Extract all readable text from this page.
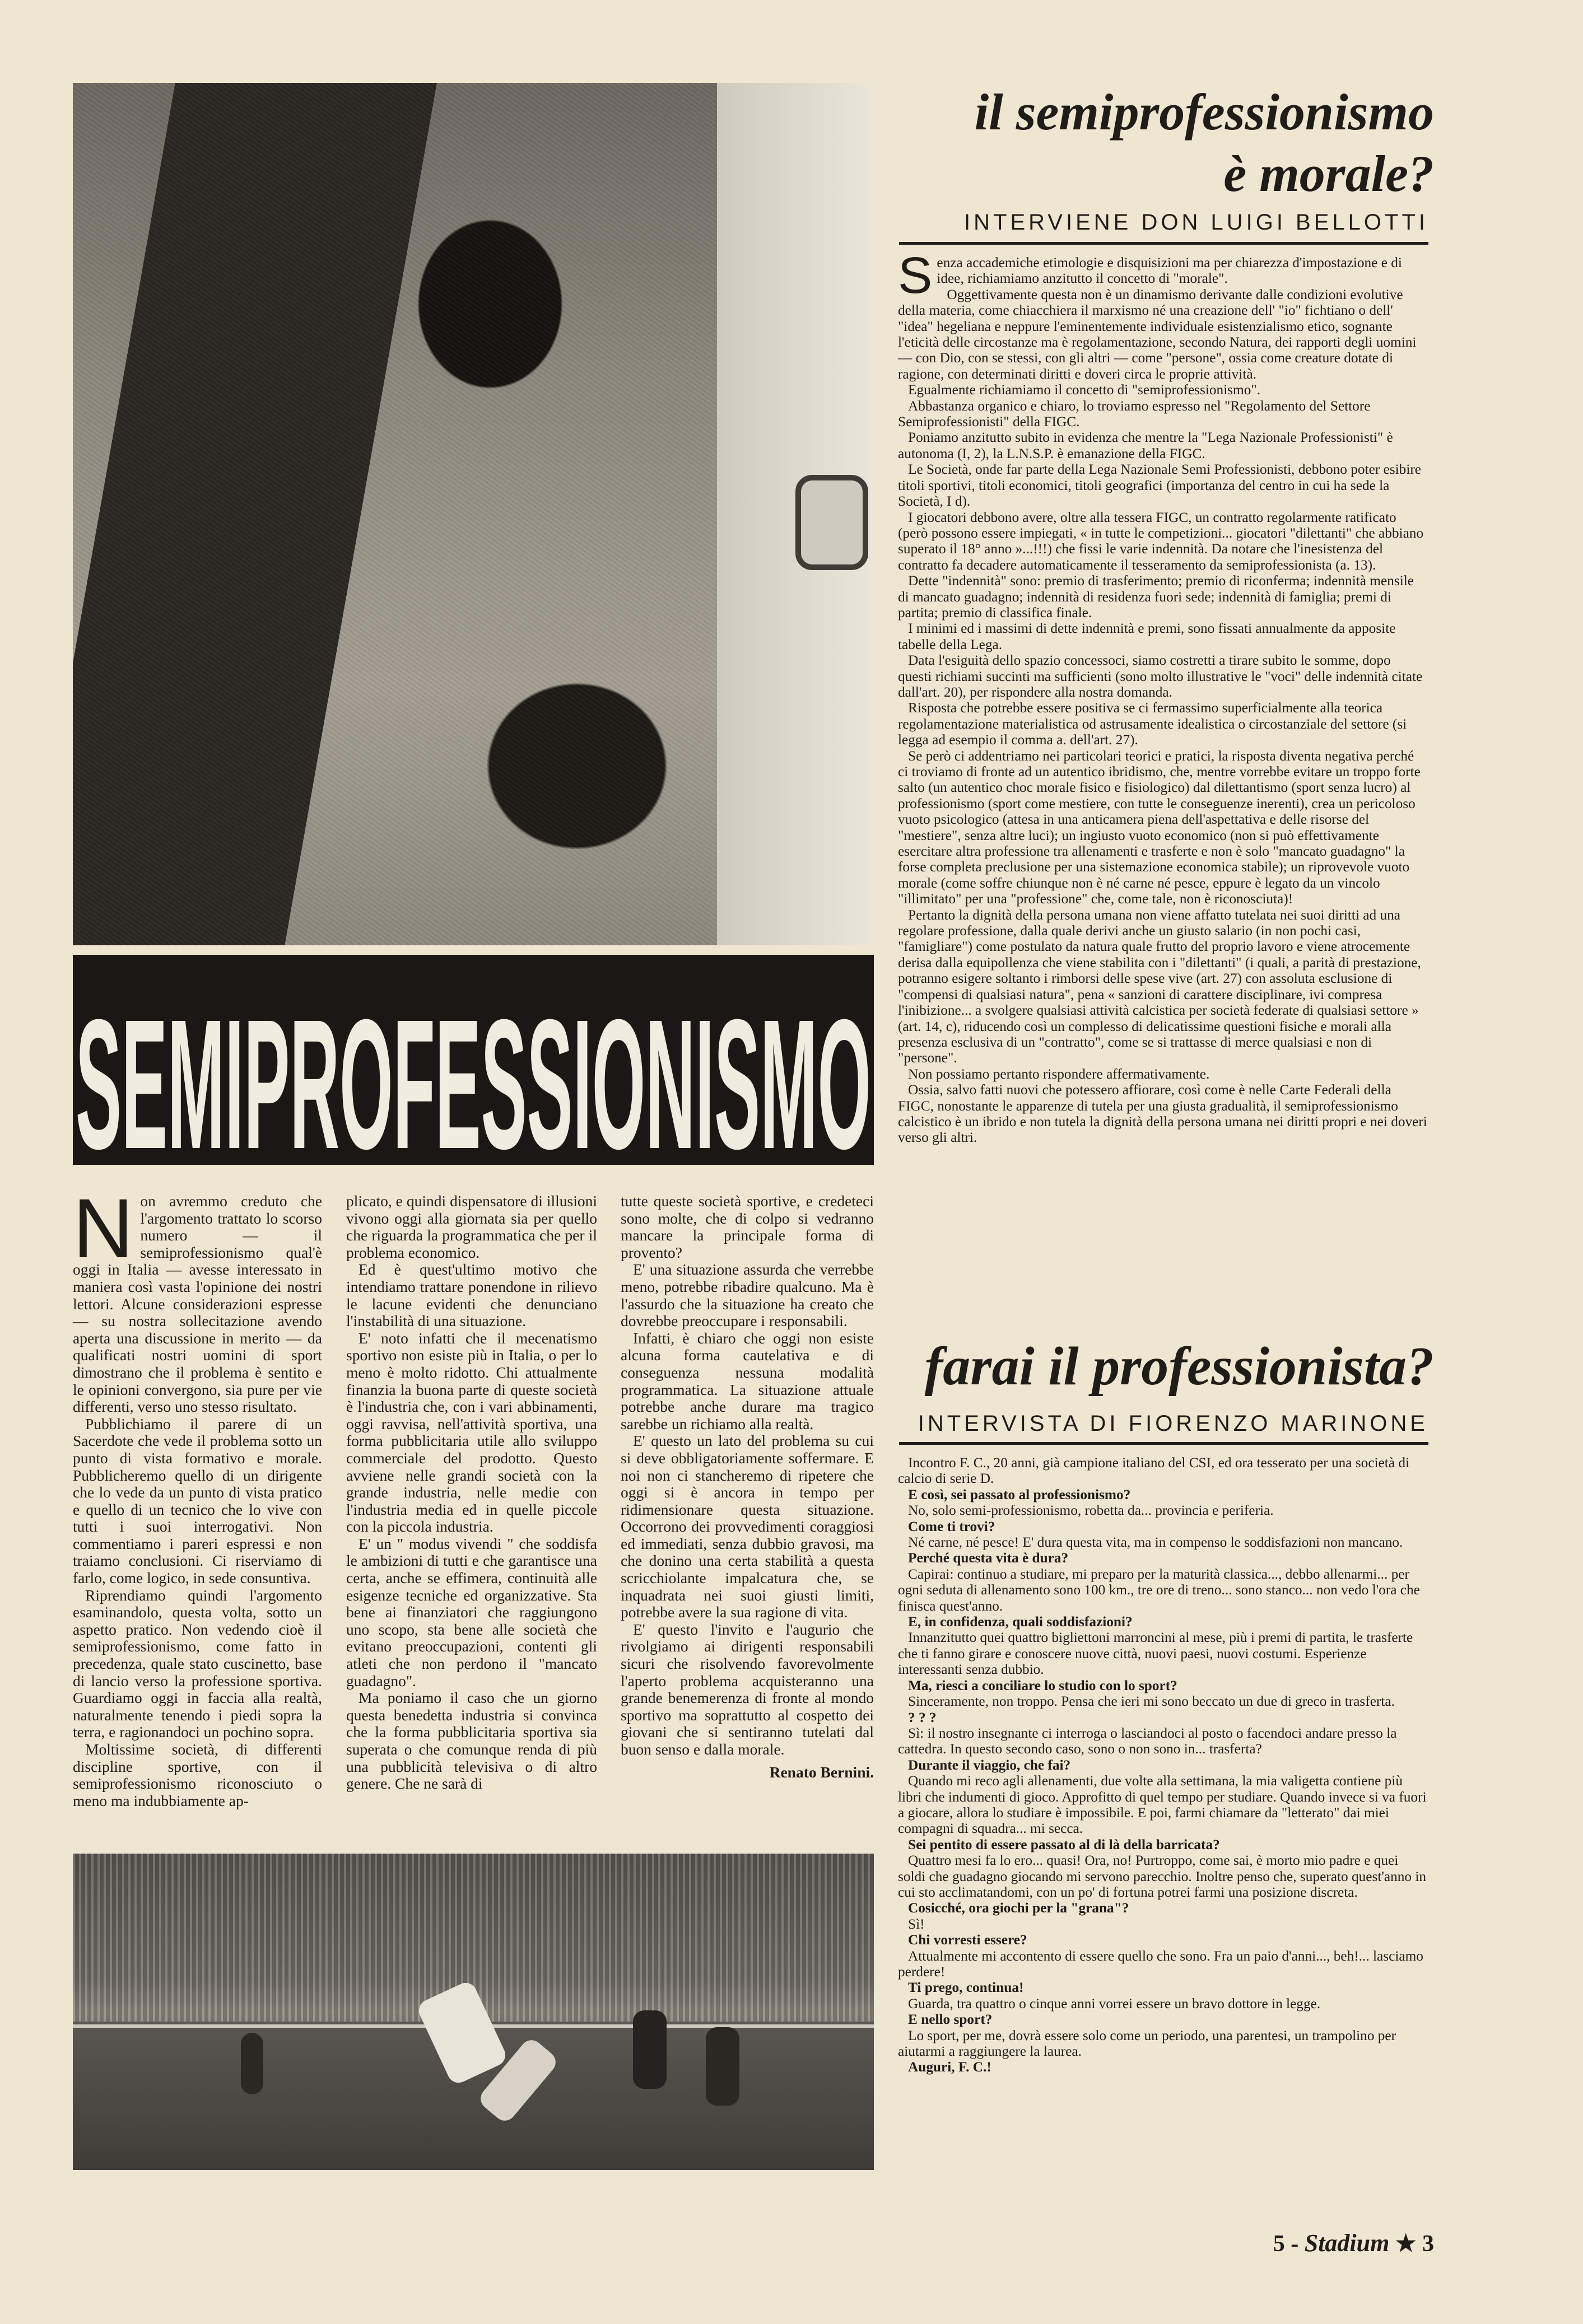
SEMIPROFESSIONISMO
N on avremmo creduto che l'argomento trattato lo scorso numero — il semiprofessionismo qual'è oggi in Italia — avesse interessato in maniera così vasta l'opinione dei nostri lettori. Alcune considerazioni espresse — su nostra sollecitazione avendo aperta una discussione in merito — da qualificati nostri uomini di sport dimostrano che il problema è sentito e le opinioni convergono, sia pure per vie differenti, verso uno stesso risultato.

Pubblichiamo il parere di un Sacerdote che vede il problema sotto un punto di vista formativo e morale. Pubblicheremo quello di un dirigente che lo vede da un punto di vista pratico e quello di un tecnico che lo vive con tutti i suoi interrogativi. Non commentiamo i pareri espressi e non traiamo conclusioni. Ci riserviamo di farlo, come logico, in sede consuntiva.

Riprendiamo quindi l'argomento esaminandolo, questa volta, sotto un aspetto pratico. Non vedendo cioè il semiprofessionismo, come fatto in precedenza, quale stato cuscinetto, base di lancio verso la professione sportiva. Guardiamo oggi in faccia alla realtà, naturalmente tenendo i piedi sopra la terra, e ragionandoci un pochino sopra.

Moltissime società, di differenti discipline sportive, con il semiprofessionismo riconosciuto o meno ma indubbiamente ap-

plicato, e quindi dispensatore di illusioni vivono oggi alla giornata sia per quello che riguarda la programmatica che per il problema economico.

Ed è quest'ultimo motivo che intendiamo trattare ponendone in rilievo le lacune evidenti che denunciano l'instabilità di una situazione.

E' noto infatti che il mecenatismo sportivo non esiste più in Italia, o per lo meno è molto ridotto. Chi attualmente finanzia la buona parte di queste società è l'industria che, con i vari abbinamenti, oggi ravvisa, nell'attività sportiva, una forma pubblicitaria utile allo sviluppo commerciale del prodotto. Questo avviene nelle grandi società con la grande industria, nelle medie con l'industria media ed in quelle piccole con la piccola industria.

E' un " modus vivendi " che soddisfa le ambizioni di tutti e che garantisce una certa, anche se effimera, continuità alle esigenze tecniche ed organizzative. Sta bene ai finanziatori che raggiungono uno scopo, sta bene alle società che evitano preoccupazioni, contenti gli atleti che non perdono il "mancato guadagno".

Ma poniamo il caso che un giorno questa benedetta industria si convinca che la forma pubblicitaria sportiva sia superata o che comunque renda di più una pubblicità televisiva o di altro genere. Che ne sarà di

tutte queste società sportive, e credeteci sono molte, che di colpo si vedranno mancare la principale forma di provento?

E' una situazione assurda che verrebbe meno, potrebbe ribadire qualcuno. Ma è l'assurdo che la situazione ha creato che dovrebbe preoccupare i responsabili.

Infatti, è chiaro che oggi non esiste alcuna forma cautelativa e di conseguenza nessuna modalità programmatica. La situazione attuale potrebbe anche durare ma tragico sarebbe un richiamo alla realtà.

E' questo un lato del problema su cui si deve obbligatoriamente soffermare. E noi non ci stancheremo di ripetere che oggi si è ancora in tempo per ridimensionare questa situazione. Occorrono dei provvedimenti coraggiosi ed immediati, senza dubbio gravosi, ma che donino una certa stabilità a questa scricchiolante impalcatura che, se inquadrata nei suoi giusti limiti, potrebbe avere la sua ragione di vita.

E' questo l'invito e l'augurio che rivolgiamo ai dirigenti responsabili sicuri che risolvendo favorevolmente l'aperto problema acquisteranno una grande benemerenza di fronte al mondo sportivo ma soprattutto al cospetto dei giovani che si sentiranno tutelati dal buon senso e dalla morale.

Renato Bernini.
il semiprofessionismo
è morale?
INTERVIENE DON LUIGI BELLOTTI
S enza accademiche etimologie e disquisizioni ma per chiarezza d'impostazione e di idee, richiamiamo anzitutto il concetto di "morale".

Oggettivamente questa non è un dinamismo derivante dalle condizioni evolutive della materia, come chiacchiera il marxismo né una creazione dell' "io" fichtiano o dell' "idea" hegeliana e neppure l'eminentemente individuale esistenzialismo etico, sognante l'eticità delle circostanze ma è regolamentazione, secondo Natura, dei rapporti degli uomini — con Dio, con se stessi, con gli altri — come "persone", ossia come creature dotate di ragione, con determinati diritti e doveri circa le proprie attività.

Egualmente richiamiamo il concetto di "semiprofessionismo".

Abbastanza organico e chiaro, lo troviamo espresso nel "Regolamento del Settore Semiprofessionisti" della FIGC.

Poniamo anzitutto subito in evidenza che mentre la "Lega Nazionale Professionisti" è autonoma (I, 2), la L.N.S.P. è emanazione della FIGC.

Le Società, onde far parte della Lega Nazionale Semi Professionisti, debbono poter esibire titoli sportivi, titoli economici, titoli geografici (importanza del centro in cui ha sede la Società, I d).

I giocatori debbono avere, oltre alla tessera FIGC, un contratto regolarmente ratificato (però possono essere impiegati, « in tutte le competizioni... giocatori "dilettanti" che abbiano superato il 18° anno »...!!!) che fissi le varie indennità. Da notare che l'inesistenza del contratto fa decadere automaticamente il tesseramento da semiprofessionista (a. 13).

Dette "indennità" sono: premio di trasferimento; premio di riconferma; indennità mensile di mancato guadagno; indennità di residenza fuori sede; indennità di famiglia; premi di partita; premio di classifica finale.

I minimi ed i massimi di dette indennità e premi, sono fissati annualmente da apposite tabelle della Lega.

Data l'esiguità dello spazio concessoci, siamo costretti a tirare subito le somme, dopo questi richiami succinti ma sufficienti (sono molto illustrative le "voci" delle indennità citate dall'art. 20), per rispondere alla nostra domanda.

Risposta che potrebbe essere positiva se ci fermassimo superficialmente alla teorica regolamentazione materialistica od astrusamente idealistica o circostanziale del settore (si legga ad esempio il comma a. dell'art. 27).

Se però ci addentriamo nei particolari teorici e pratici, la risposta diventa negativa perché ci troviamo di fronte ad un autentico ibridismo, che, mentre vorrebbe evitare un troppo forte salto (un autentico choc morale fisico e fisiologico) dal dilettantismo (sport senza lucro) al professionismo (sport come mestiere, con tutte le conseguenze inerenti), crea un pericoloso vuoto psicologico (attesa in una anticamera piena dell'aspettativa e delle risorse del "mestiere", senza altre luci); un ingiusto vuoto economico (non si può effettivamente esercitare altra professione tra allenamenti e trasferte e non è solo "mancato guadagno" la forse completa preclusione per una sistemazione economica stabile); un riprovevole vuoto morale (come soffre chiunque non è né carne né pesce, eppure è legato da un vincolo "illimitato" per una "professione" che, come tale, non è riconosciuta)!

Pertanto la dignità della persona umana non viene affatto tutelata nei suoi diritti ad una regolare professione, dalla quale derivi anche un giusto salario (in non pochi casi, "famigliare") come postulato da natura quale frutto del proprio lavoro e viene atrocemente derisa dalla equipollenza che viene stabilita con i "dilettanti" (i quali, a parità di prestazione, potranno esigere soltanto i rimborsi delle spese vive (art. 27) con assoluta esclusione di "compensi di qualsiasi natura", pena « sanzioni di carattere disciplinare, ivi compresa l'inibizione... a svolgere qualsiasi attività calcistica per società federate di qualsiasi settore » (art. 14, c), riducendo così un complesso di delicatissime questioni fisiche e morali alla presenza esclusiva di un "contratto", come se si trattasse di merce qualsiasi e non di "persone".

Non possiamo pertanto rispondere affermativamente.

Ossia, salvo fatti nuovi che potessero affiorare, così come è nelle Carte Federali della FIGC, nonostante le apparenze di tutela per una giusta gradualità, il semiprofessionismo calcistico è un ibrido e non tutela la dignità della persona umana nei diritti propri e nei doveri verso gli altri.

farai il professionista?
INTERVISTA DI FIORENZO MARINONE

Incontro F. C., 20 anni, già campione italiano del CSI, ed ora tesserato per una società di calcio di serie D.

E così, sei passato al professionismo?

No, solo semi-professionismo, robetta da... provincia e periferia.

Come ti trovi?

Né carne, né pesce! E' dura questa vita, ma in compenso le soddisfazioni non mancano.

Perché questa vita è dura?

Capirai: continuo a studiare, mi preparo per la maturità classica..., debbo allenarmi... per ogni seduta di allenamento sono 100 km., tre ore di treno... sono stanco... non vedo l'ora che finisca quest'anno.

E, in confidenza, quali soddisfazioni?

Innanzitutto quei quattro bigliettoni marroncini al mese, più i premi di partita, le trasferte che ti fanno girare e conoscere nuove città, nuovi paesi, nuovi costumi. Esperienze interessanti senza dubbio.

Ma, riesci a conciliare lo studio con lo sport?

Sinceramente, non troppo. Pensa che ieri mi sono beccato un due di greco in trasferta.

? ? ?

Sì: il nostro insegnante ci interroga o lasciandoci al posto o facendoci andare presso la cattedra. In questo secondo caso, sono o non sono in... trasferta?

Durante il viaggio, che fai?

Quando mi reco agli allenamenti, due volte alla settimana, la mia valigetta contiene più libri che indumenti di gioco. Approfitto di quel tempo per studiare. Quando invece si va fuori a giocare, allora lo studiare è impossibile. E poi, farmi chiamare da "letterato" dai miei compagni di squadra... mi secca.

Sei pentito di essere passato al di là della barricata?

Quattro mesi fa lo ero... quasi! Ora, no! Purtroppo, come sai, è morto mio padre e quei soldi che guadagno giocando mi servono parecchio. Inoltre penso che, superato quest'anno in cui sto acclimatandomi, con un po' di fortuna potrei farmi una posizione discreta.

Cosicché, ora giochi per la "grana"?

Sì!

Chi vorresti essere?

Attualmente mi accontento di essere quello che sono. Fra un paio d'anni..., beh!... lasciamo perdere!

Ti prego, continua!

Guarda, tra quattro o cinque anni vorrei essere un bravo dottore in legge.

E nello sport?

Lo sport, per me, dovrà essere solo come un periodo, una parentesi, un trampolino per aiutarmi a raggiungere la laurea.

Auguri, F. C.!

5 - Stadium ★ 3
